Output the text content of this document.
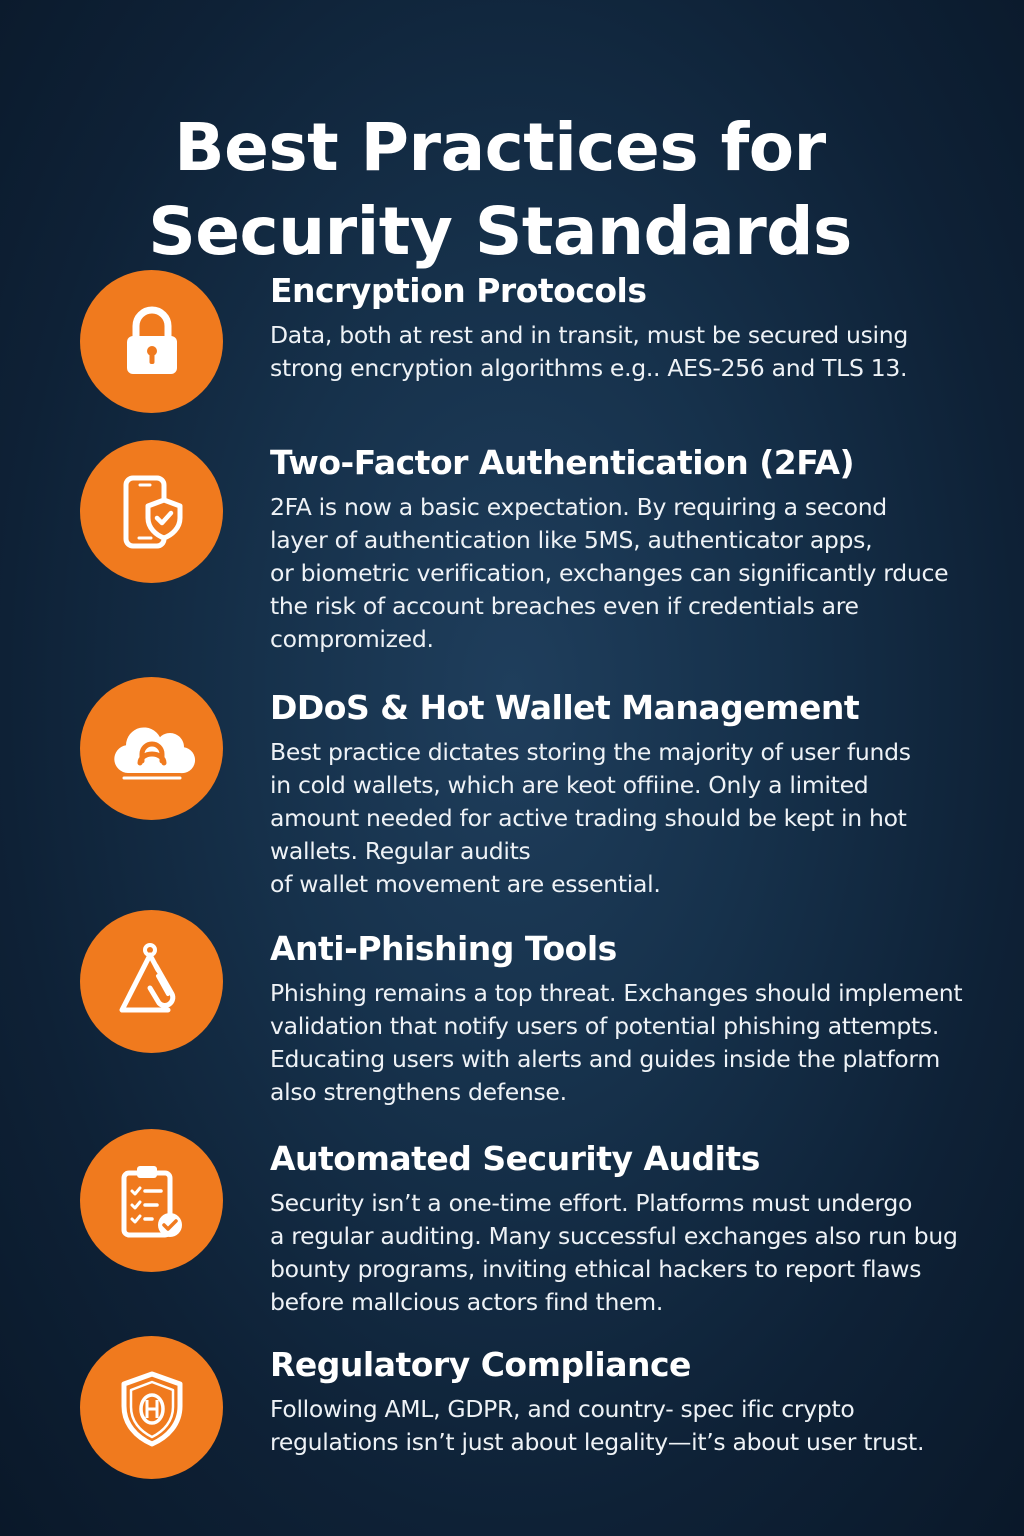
Best Practices for
Security Standards
Encryption Protocols
Data, both at rest and in transit, must be secured using
strong encryption algorithms e.g.. AES-256 and TLS 13.
Two-Factor Authentication (2FA)
2FA is now a basic expectation. By requiring a second
layer of authentication like 5MS, authenticator apps,
or biometric verification, exchanges can significantly rduce
the risk of account breaches even if credentials are
compromized.
DDoS & Hot Wallet Management
Best practice dictates storing the majority of user funds
in cold wallets, which are keot offiine. Only a limited
amount needed for active trading should be kept in hot
wallets. Regular audits
of wallet movement are essential.
Anti-Phishing Tools
Phishing remains a top threat. Exchanges should implement
validation that notify users of potential phishing attempts.
Educating users with alerts and guides inside the platform
also strengthens defense.
Automated Security Audits
Security isn’t a one-time effort. Platforms must undergo
a regular auditing. Many successful exchanges also run bug
bounty programs, inviting ethical hackers to report flaws
before mallcious actors find them.
Regulatory Compliance
Following AML, GDPR, and country- spec ific crypto
regulations isn’t just about legality—it’s about user trust.
